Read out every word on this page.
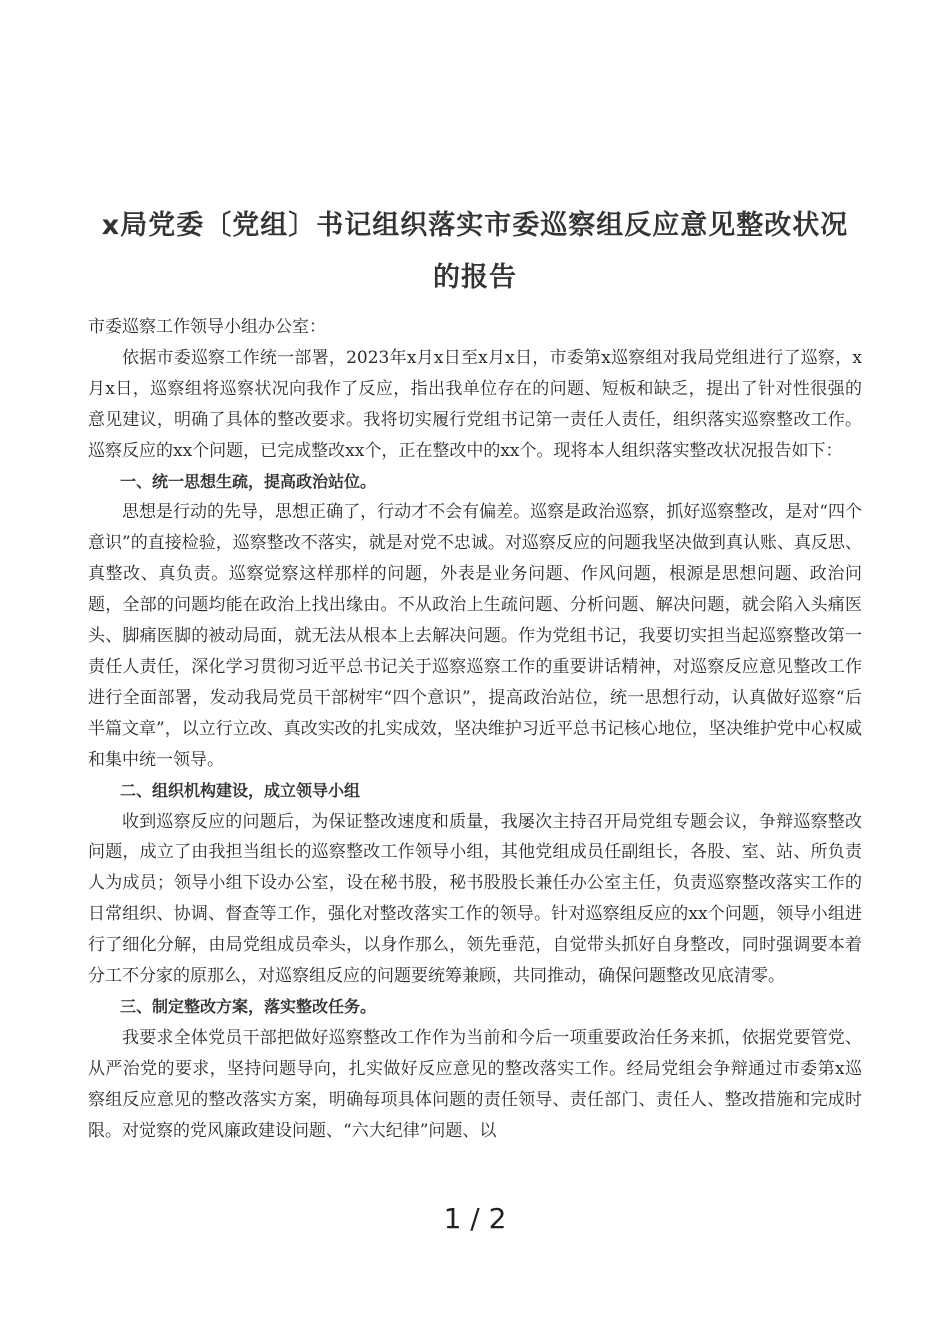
x局党委〔党组〕书记组织落实市委巡察组反应意见整改状况的报告

市委巡察工作领导小组办公室：

依据市委巡察工作统一部署，2023年x月x日至x月x日，市委第x巡察组对我局党组进行了巡察，x月x日，巡察组将巡察状况向我作了反应，指出我单位存在的问题、短板和缺乏，提出了针对性很强的意见建议，明确了具体的整改要求。我将切实履行党组书记第一责任人责任，组织落实巡察整改工作。巡察反应的xx个问题，已完成整改xx个，正在整改中的xx个。现将本人组织落实整改状况报告如下：

一、统一思想生疏，提高政治站位。

思想是行动的先导，思想正确了，行动才不会有偏差。巡察是政治巡察，抓好巡察整改，是对“四个意识”的直接检验，巡察整改不落实，就是对党不忠诚。对巡察反应的问题我坚决做到真认账、真反思、真整改、真负责。巡察觉察这样那样的问题，外表是业务问题、作风问题，根源是思想问题、政治问题，全部的问题均能在政治上找出缘由。不从政治上生疏问题、分析问题、解决问题，就会陷入头痛医头、脚痛医脚的被动局面，就无法从根本上去解决问题。作为党组书记，我要切实担当起巡察整改第一责任人责任，深化学习贯彻习近平总书记关于巡察巡察工作的重要讲话精神，对巡察反应意见整改工作进行全面部署，发动我局党员干部树牢“四个意识”，提高政治站位，统一思想行动，认真做好巡察“后半篇文章”，以立行立改、真改实改的扎实成效，坚决维护习近平总书记核心地位，坚决维护党中心权威和集中统一领导。

二、组织机构建设，成立领导小组

收到巡察反应的问题后，为保证整改速度和质量，我屡次主持召开局党组专题会议，争辩巡察整改问题，成立了由我担当组长的巡察整改工作领导小组，其他党组成员任副组长，各股、室、站、所负责人为成员；领导小组下设办公室，设在秘书股，秘书股股长兼任办公室主任，负责巡察整改落实工作的日常组织、协调、督查等工作，强化对整改落实工作的领导。针对巡察组反应的xx个问题，领导小组进行了细化分解，由局党组成员牵头，以身作那么，领先垂范，自觉带头抓好自身整改，同时强调要本着分工不分家的原那么，对巡察组反应的问题要统筹兼顾，共同推动，确保问题整改见底清零。

三、制定整改方案，落实整改任务。

我要求全体党员干部把做好巡察整改工作作为当前和今后一项重要政治任务来抓，依据党要管党、从严治党的要求，坚持问题导向，扎实做好反应意见的整改落实工作。经局党组会争辩通过市委第x巡察组反应意见的整改落实方案，明确每项具体问题的责任领导、责任部门、责任人、整改措施和完成时限。对觉察的党风廉政建设问题、“六大纪律”问题、以

1 / 2
